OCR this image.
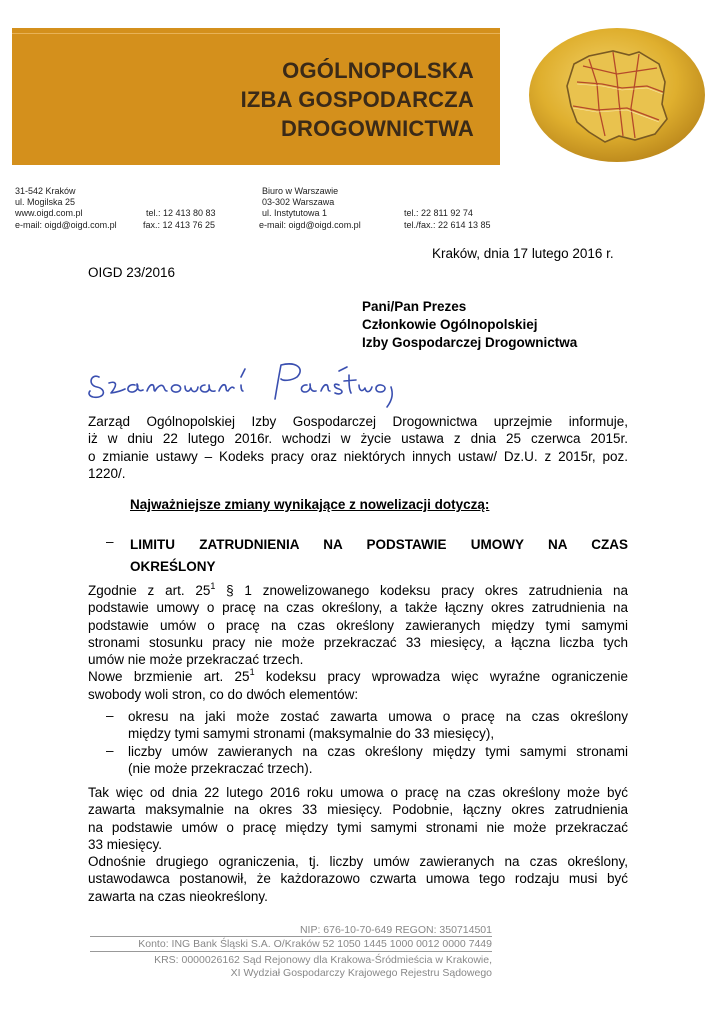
OGÓLNOPOLSKA
IZBA GOSPODARCZA
DROGOWNICTWA
31-542 Kraków
ul. Mogilska 25
www.oigd.com.pl	tel.: 12 413 80 83
e-mail: oigd@oigd.com.pl	fax.: 12 413 76 25
Biuro w Warszawie
03-302 Warszawa
ul. Instytutowa 1	tel.: 22 811 92 74
e-mail: oigd@oigd.com.pl	tel./fax.: 22 614 13 85
Kraków, dnia 17 lutego 2016 r.
OIGD 23/2016
Pani/Pan Prezes
Członkowie Ogólnopolskiej
Izby Gospodarczej Drogownictwa
Zarząd Ogólnopolskiej Izby Gospodarczej Drogownictwa uprzejmie informuje,
iż w dniu 22 lutego 2016r. wchodzi w życie ustawa z dnia 25 czerwca 2015r.
o zmianie ustawy – Kodeks pracy oraz niektórych innych ustaw/ Dz.U. z 2015r, poz.
1220/.
Najważniejsze zmiany wynikające z nowelizacji dotyczą:
– LIMITU ZATRUDNIENIA NA PODSTAWIE UMOWY NA CZAS
OKREŚLONY
Zgodnie z art. $25^1$ § 1 znowelizowanego kodeksu pracy okres zatrudnienia na
podstawie umowy o pracę na czas określony, a także łączny okres zatrudnienia na
podstawie umów o pracę na czas określony zawieranych między tymi samymi
stronami stosunku pracy nie może przekraczać 33 miesięcy, a łączna liczba tych
umów nie może przekraczać trzech.
Nowe brzmienie art. $25^1$ kodeksu pracy wprowadza więc wyraźne ograniczenie
swobody woli stron, co do dwóch elementów:
– okresu na jaki może zostać zawarta umowa o pracę na czas określony
między tymi samymi stronami (maksymalnie do 33 miesięcy),
– liczby umów zawieranych na czas określony między tymi samymi stronami
(nie może przekraczać trzech).
Tak więc od dnia 22 lutego 2016 roku umowa o pracę na czas określony może być
zawarta maksymalnie na okres 33 miesięcy. Podobnie, łączny okres zatrudnienia
na podstawie umów o pracę między tymi samymi stronami nie może przekraczać
33 miesięcy.
Odnośnie drugiego ograniczenia, tj. liczby umów zawieranych na czas określony,
ustawodawca postanowił, że każdorazowo czwarta umowa tego rodzaju musi być
zawarta na czas nieokreślony.
NIP: 676-10-70-649 REGON: 350714501
Konto: ING Bank Śląski S.A. O/Kraków 52 1050 1445 1000 0012 0000 7449
KRS: 0000026162 Sąd Rejonowy dla Krakowa-Śródmieścia w Krakowie,
XI Wydział Gospodarczy Krajowego Rejestru Sądowego
